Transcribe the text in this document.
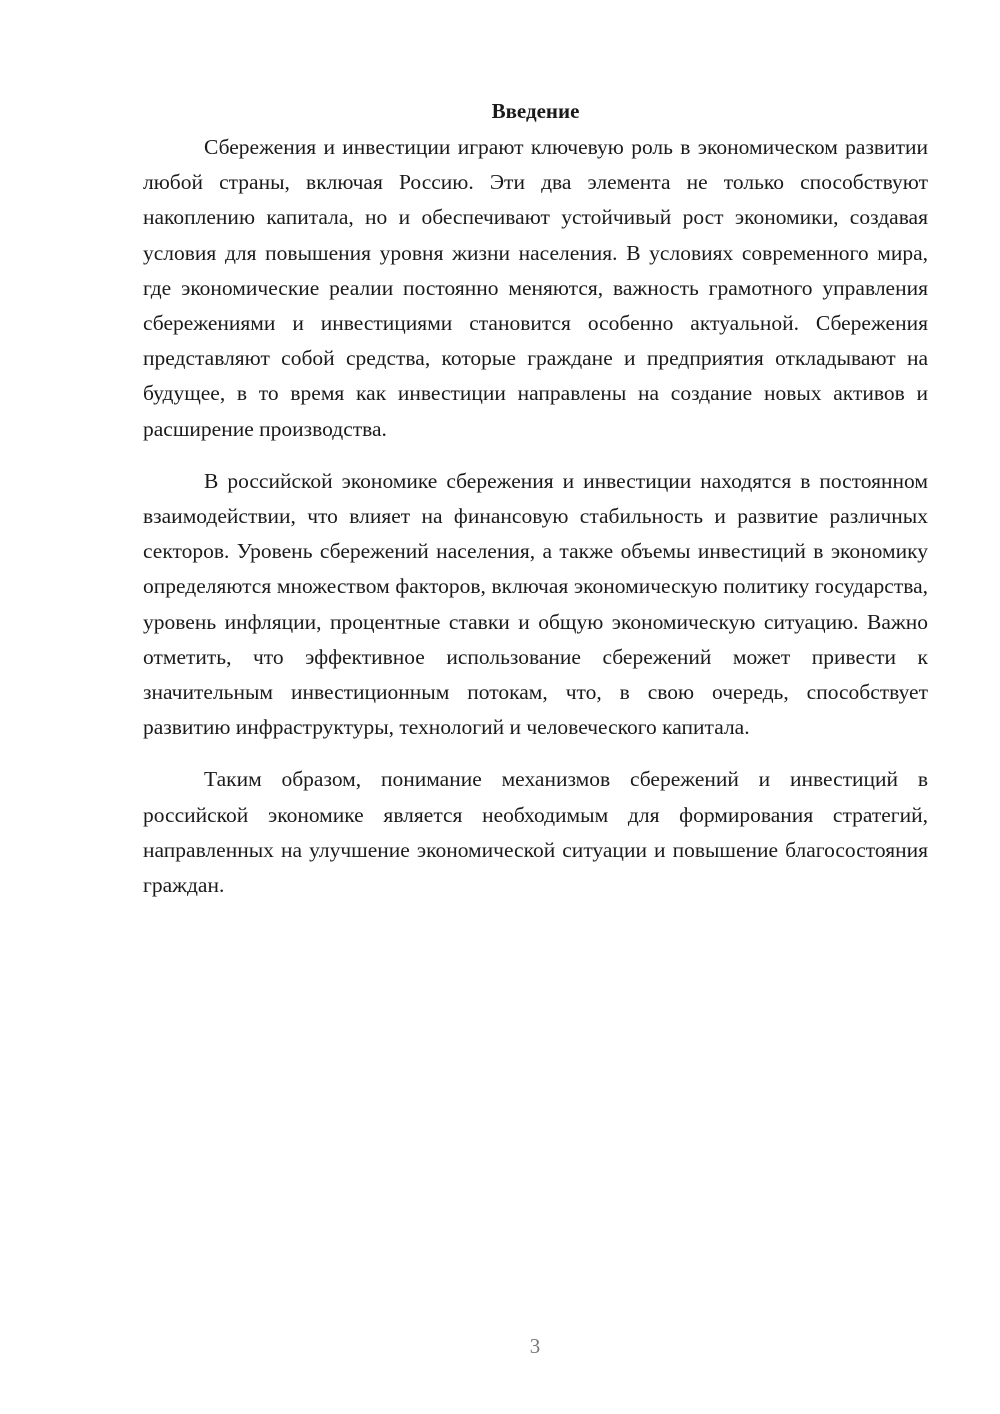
Введение

Сбережения и инвестиции играют ключевую роль в экономическом развитии любой страны, включая Россию. Эти два элемента не только способствуют накоплению капитала, но и обеспечивают устойчивый рост экономики, создавая условия для повышения уровня жизни населения. В условиях современного мира, где экономические реалии постоянно меняются, важность грамотного управления сбережениями и инвестициями становится особенно актуальной. Сбережения представляют собой средства, которые граждане и предприятия откладывают на будущее, в то время как инвестиции направлены на создание новых активов и расширение производства.

В российской экономике сбережения и инвестиции находятся в постоянном взаимодействии, что влияет на финансовую стабильность и развитие различных секторов. Уровень сбережений населения, а также объемы инвестиций в экономику определяются множеством факторов, включая экономическую политику государства, уровень инфляции, процентные ставки и общую экономическую ситуацию. Важно отметить, что эффективное использование сбережений может привести к значительным инвестиционным потокам, что, в свою очередь, способствует развитию инфраструктуры, технологий и человеческого капитала.

Таким образом, понимание механизмов сбережений и инвестиций в российской экономике является необходимым для формирования стратегий, направленных на улучшение экономической ситуации и повышение благосостояния граждан.

3
